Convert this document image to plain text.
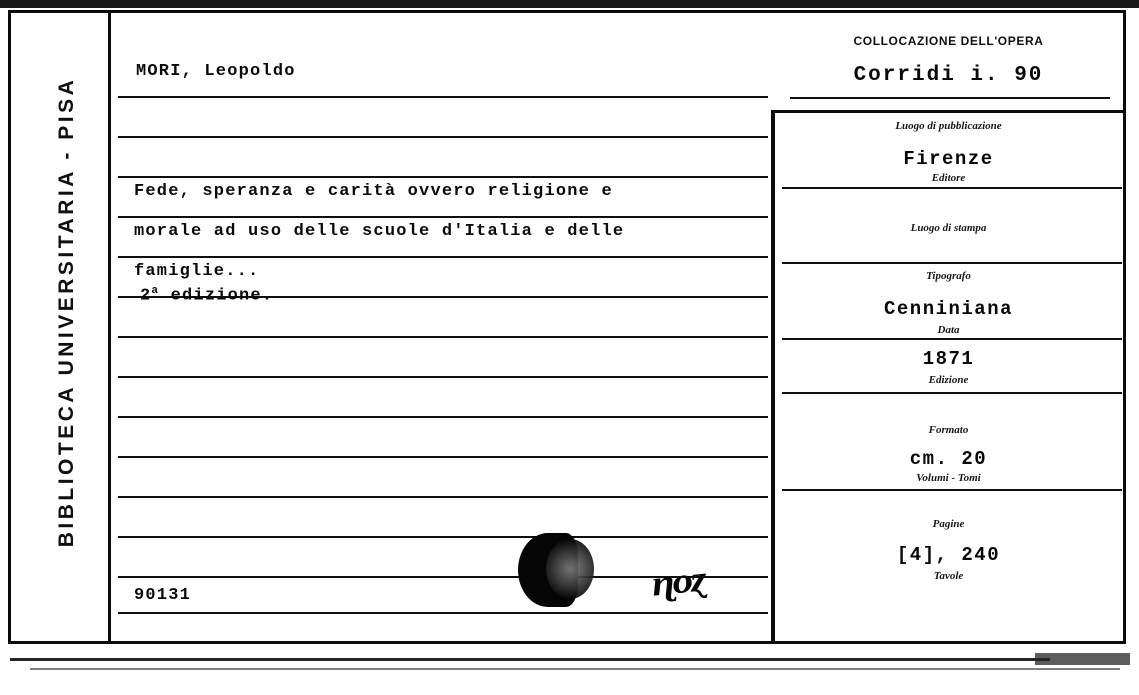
BIBLIOTECA UNIVERSITARIA - PISA
MORI, Leopoldo
Fede, speranza e carità ovvero religione e
morale ad uso delle scuole d'Italia e delle
famiglie...
2$^a$ edizione.
90131	ɳoɀ
COLLOCAZIONE DELL'OPERA
Corridi i. 90
Luogo di pubblicazione
Firenze
Editore
Luogo di stampa
Tipografo
Cenniniana
Data
1871
Edizione
Formato
cm. 20
Volumi - Tomi
Pagine
[4], 240
Tavole
